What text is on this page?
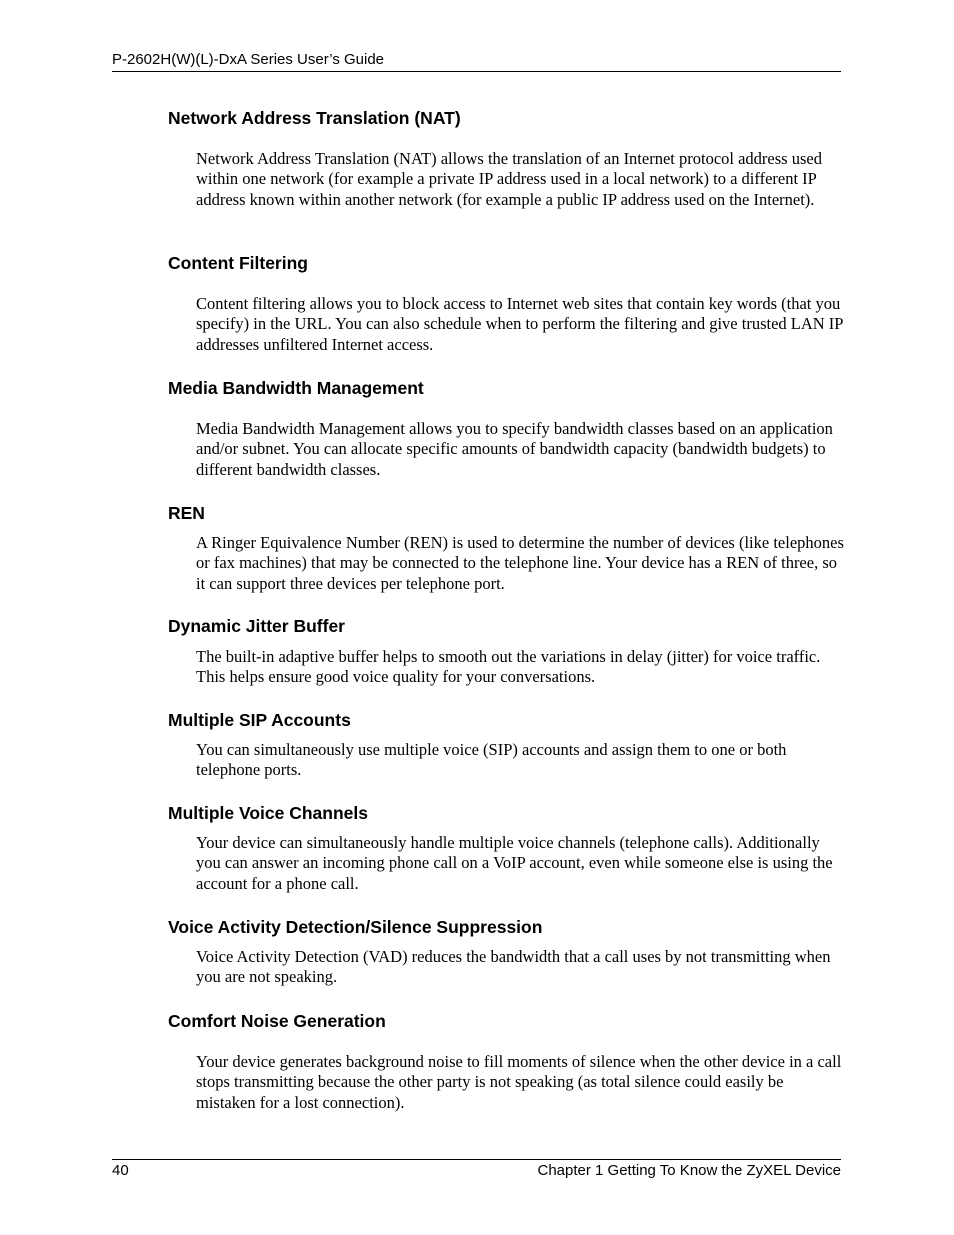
P-2602H(W)(L)-DxA Series User’s Guide
Network Address Translation (NAT)

Network Address Translation (NAT) allows the translation of an Internet protocol address used within one network (for example a private IP address used in a local network) to a different IP address known within another network (for example a public IP address used on the Internet).

Content Filtering

Content filtering allows you to block access to Internet web sites that contain key words (that you specify) in the URL. You can also schedule when to perform the filtering and give trusted LAN IP addresses unfiltered Internet access.

Media Bandwidth Management

Media Bandwidth Management allows you to specify bandwidth classes based on an application and/or subnet. You can allocate specific amounts of bandwidth capacity (bandwidth budgets) to different bandwidth classes.

REN

A Ringer Equivalence Number (REN) is used to determine the number of devices (like telephones or fax machines) that may be connected to the telephone line. Your device has a REN of three, so it can support three devices per telephone port.

Dynamic Jitter Buffer

The built-in adaptive buffer helps to smooth out the variations in delay (jitter) for voice traffic. This helps ensure good voice quality for your conversations.

Multiple SIP Accounts

You can simultaneously use multiple voice (SIP) accounts and assign them to one or both telephone ports.

Multiple Voice Channels

Your device can simultaneously handle multiple voice channels (telephone calls). Additionally you can answer an incoming phone call on a VoIP account, even while someone else is using the account for a phone call.

Voice Activity Detection/Silence Suppression

Voice Activity Detection (VAD) reduces the bandwidth that a call uses by not transmitting when you are not speaking.

Comfort Noise Generation

Your device generates background noise to fill moments of silence when the other device in a call stops transmitting because the other party is not speaking (as total silence could easily be mistaken for a lost connection).

40	Chapter 1 Getting To Know the ZyXEL Device
